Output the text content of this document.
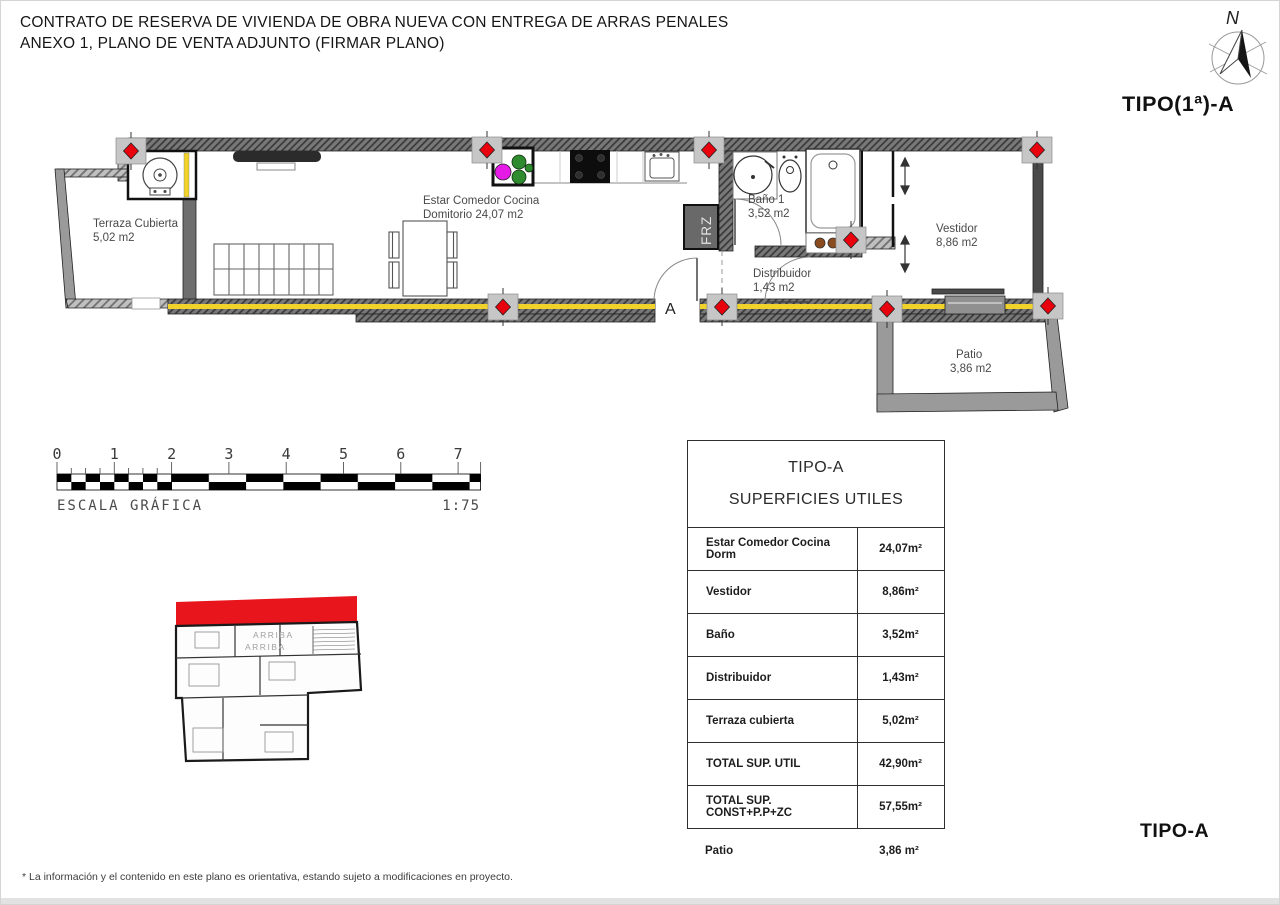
CONTRATO DE RESERVA DE VIVIENDA DE OBRA NUEVA CON ENTREGA DE ARRAS PENALES
ANEXO 1, PLANO DE VENTA ADJUNTO (FIRMAR PLANO)
FRZ
Terraza Cubierta
5,02 m2
Estar Comedor Cocina
Domitorio 24,07 m2
Baño 1
3,52 m2
Vestidor
8,86 m2
Distribuidor
1,43 m2
Patio
3,86 m2
A
0	1	2	3	4	5	6	7
ESCALA GRÁFICA	1:75
ARRIBA
ARRIBA
N
TIPO(1ª)-A
TIPO-A
TIPO-A
SUPERFICIES UTILES
Estar Comedor Cocina Dorm	24,07m²
Vestidor	8,86m²
Baño	3,52m²
Distribuidor	1,43m²
Terraza cubierta	5,02m²
TOTAL SUP. UTIL	42,90m²
TOTAL SUP. CONST+P.P+ZC	57,55m²
Patio	3,86 m²
* La información y el contenido en este plano es orientativa, estando sujeto a modificaciones en proyecto.
